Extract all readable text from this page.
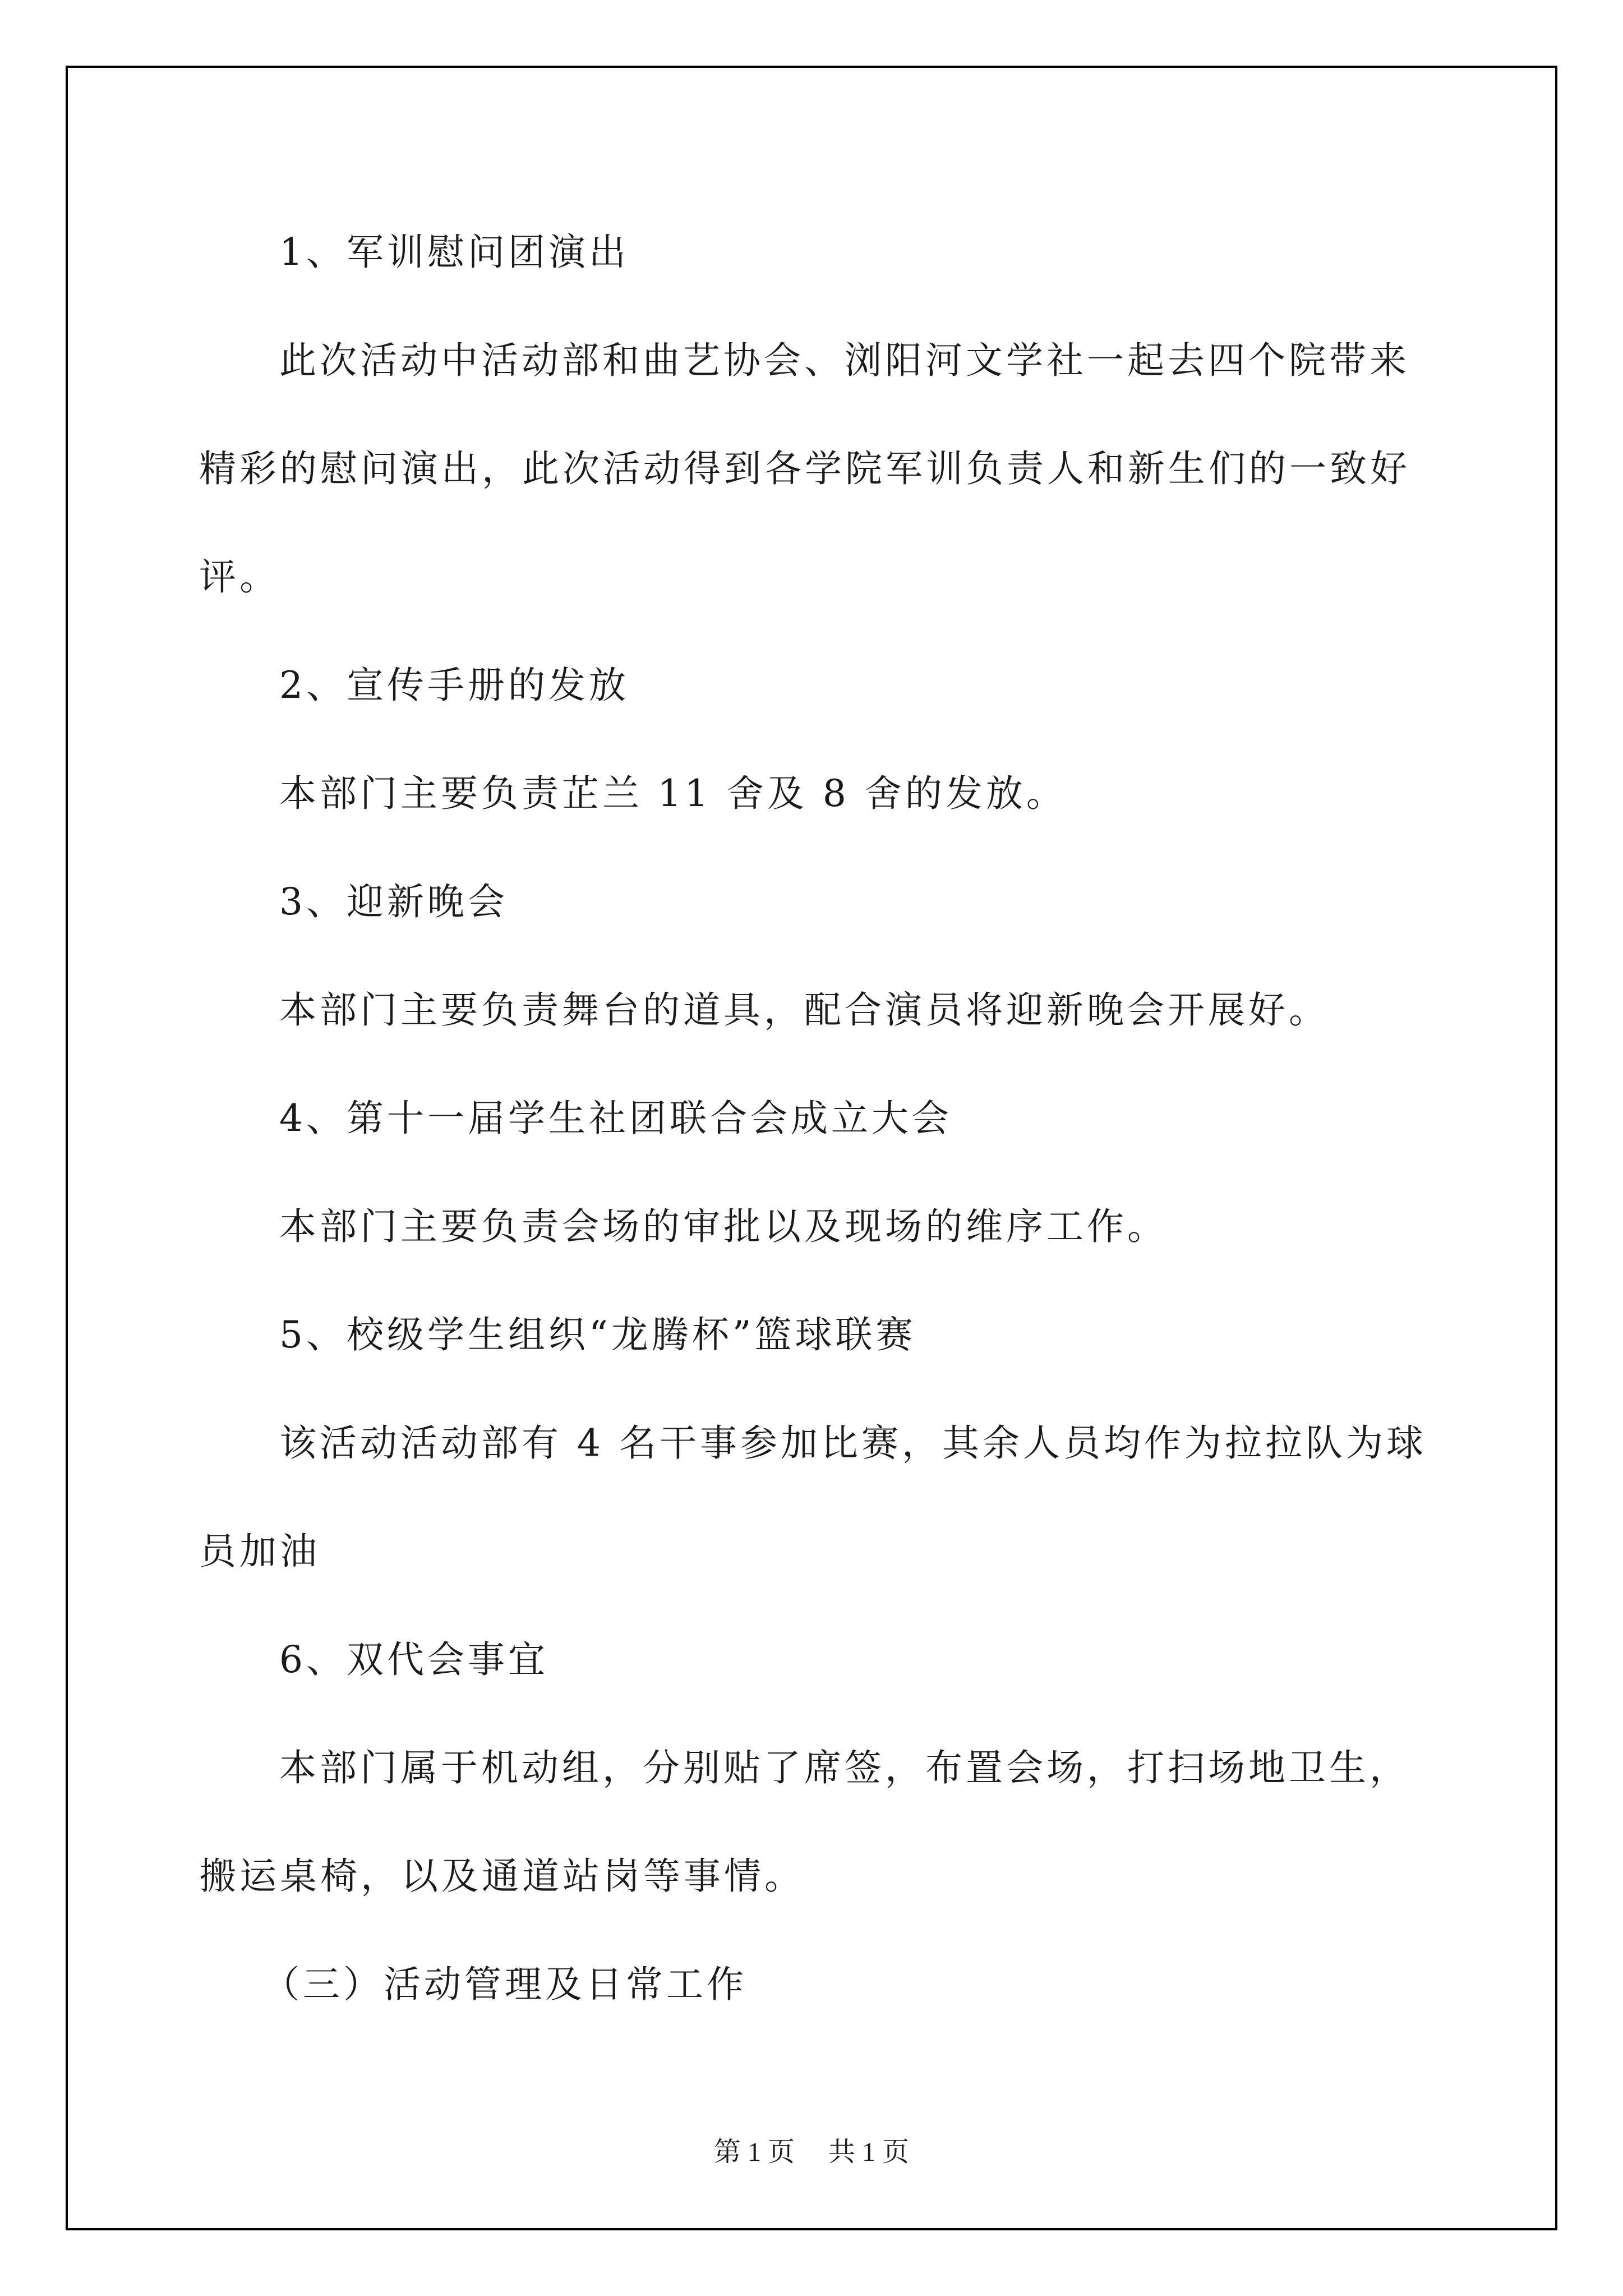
1、军训慰问团演出
此次活动中活动部和曲艺协会、浏阳河文学社一起去四个院带来
精彩的慰问演出，此次活动得到各学院军训负责人和新生们的一致好
评。
2、宣传手册的发放
本部门主要负责芷兰 11 舍及 8 舍的发放。
3、迎新晚会
本部门主要负责舞台的道具，配合演员将迎新晚会开展好。
4、第十一届学生社团联合会成立大会
本部门主要负责会场的审批以及现场的维序工作。
5、校级学生组织“龙腾杯”篮球联赛
该活动活动部有 4 名干事参加比赛，其余人员均作为拉拉队为球
员加油
6、双代会事宜
本部门属于机动组，分别贴了席签，布置会场，打扫场地卫生，
搬运桌椅，以及通道站岗等事情。
（三）活动管理及日常工作
第 1 页 共 1 页
